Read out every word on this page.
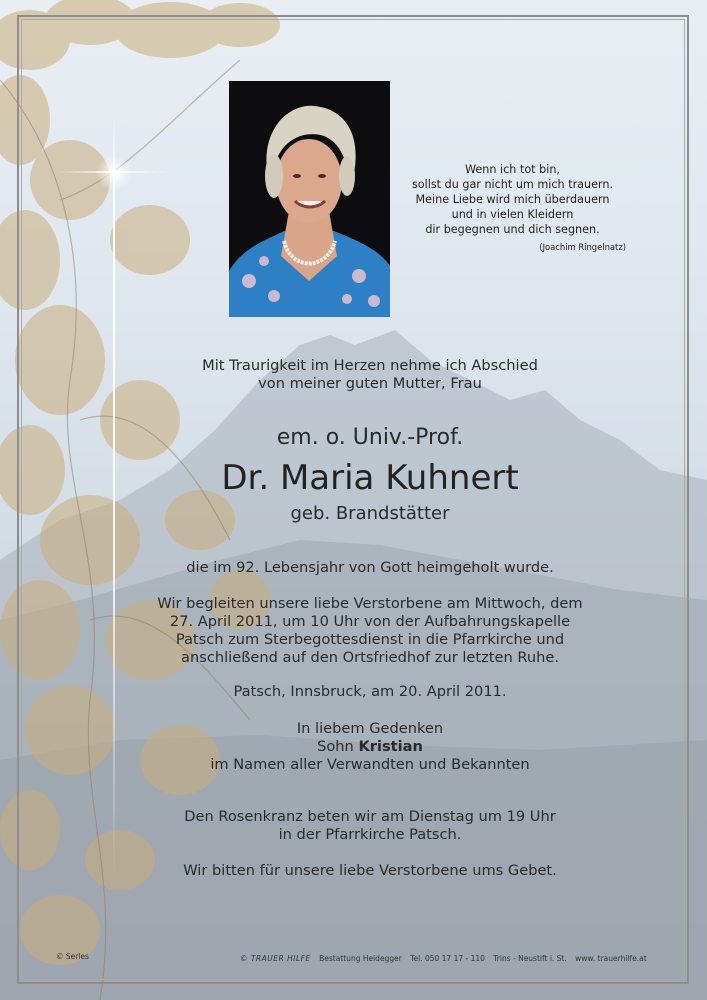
Wenn ich tot bin,
sollst du gar nicht um mich trauern.
Meine Liebe wird mich überdauern
und in vielen Kleidern
dir begegnen und dich segnen.
(Joachim Ringelnatz)
Mit Traurigkeit im Herzen nehme ich Abschied
von meiner guten Mutter, Frau
em. o. Univ.-Prof.
Dr. Maria Kuhnert
geb. Brandstätter
die im 92. Lebensjahr von Gott heimgeholt wurde.
Wir begleiten unsere liebe Verstorbene am Mittwoch, dem
27. April 2011, um 10 Uhr von der Aufbahrungskapelle
Patsch zum Sterbegottesdienst in die Pfarrkirche und
anschließend auf den Ortsfriedhof zur letzten Ruhe.
Patsch, Innsbruck, am 20. April 2011.
In liebem Gedenken
Sohn Kristian
im Namen aller Verwandten und Bekannten
Den Rosenkranz beten wir am Dienstag um 19 Uhr
in der Pfarrkirche Patsch.
Wir bitten für unsere liebe Verstorbene ums Gebet.
© Serles	© TRAUER HILFE Bestattung Heidegger Tel. 050 17 17 - 110 Trins - Neustift i. St. www. trauerhilfe.at
